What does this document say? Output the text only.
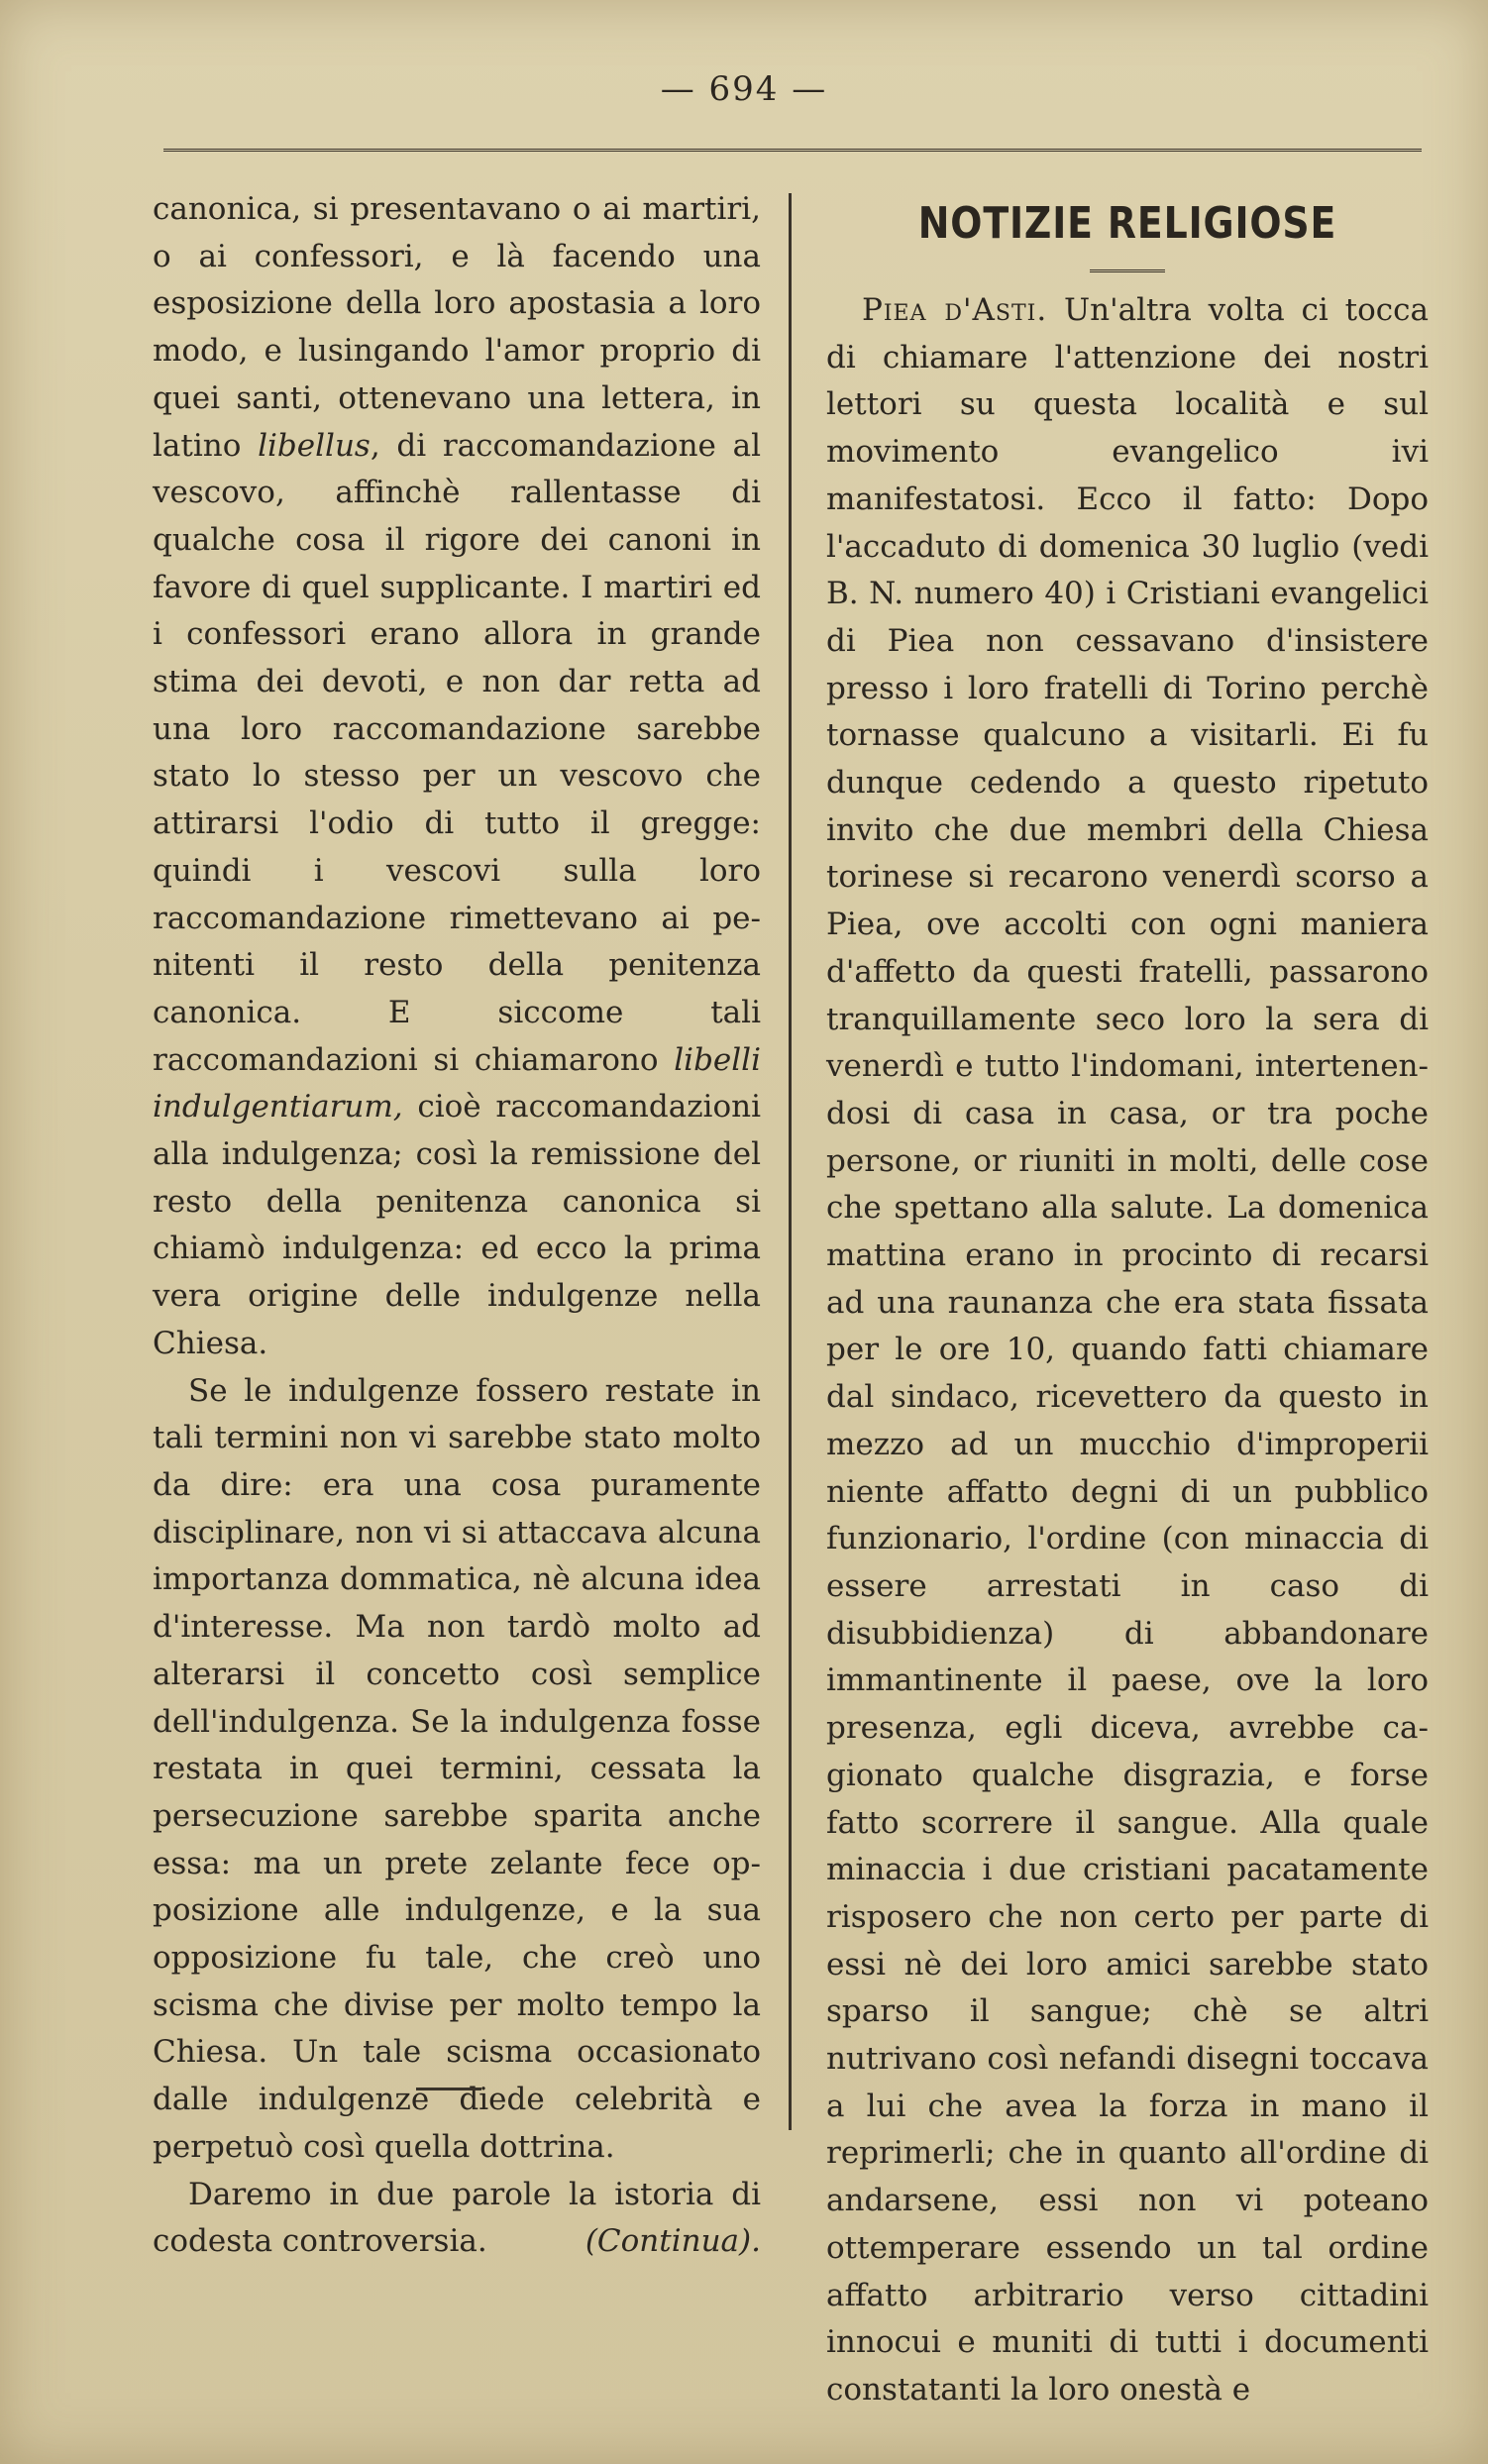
— 694 —

canonica, si presentavano o ai martiri, o ai confessori, e là facendo una esposizione della loro apostasia a loro modo, e lusingando l'amor proprio di quei santi, ottenevano una lettera, in latino libellus, di raccomandazione al vescovo, affinchè rallentasse di qualche cosa il rigore dei canoni in favore di quel supplicante. I martiri ed i confessori erano allora in grande stima dei devoti, e non dar retta ad una loro raccomandazione sarebbe stato lo stesso per un vescovo che attirarsi l'odio di tutto il gregge: quindi i vescovi sulla loro raccomandazione rimettevano ai penitenti il resto della penitenza canonica.	E siccome tali raccomandazioni si chiamarono libelli indulgentiarum, cioè raccomandazioni alla indulgenza; così la remissione del resto della penitenza canonica si chiamò indulgenza: ed ecco la prima vera origine delle indulgenze nella Chiesa.

Se le indulgenze fossero restate in tali termini non vi sarebbe stato molto da dire: era una cosa puramente disciplinare, non vi si attaccava alcuna importanza dommatica, nè alcuna idea d'interesse. Ma non tardò molto ad alterarsi il concetto così semplice dell'indulgenza. Se la indulgenza fosse restata in quei termini, cessata la persecuzione sarebbe sparita anche essa: ma un prete zelante fece opposizione alle indulgenze, e la sua opposizione fu tale, che creò uno scisma che divise per molto tempo la Chiesa. Un tale scisma occasionato dalle indulgenze diede celebrità e perpetuò così quella dottrina.

Daremo in due parole la istoria di codesta controversia.	(Continua).

NOTIZIE RELIGIOSE

Piea d'Asti. Un'altra volta ci tocca di chiamare l'attenzione dei nostri lettori su questa località e sul movimento evangelico ivi manifestatosi. Ecco il fatto: Dopo l'accaduto di domenica 30 luglio (vedi B. N. numero 40) i Cristiani evangelici di Piea non cessavano d'insistere presso i loro fratelli di Torino perchè tornasse qualcuno a visitarli. Ei fu dunque cedendo a questo ripetuto invito che due membri della Chiesa torinese si recarono venerdì scorso a Piea, ove accolti con ogni maniera d'affetto da questi fratelli, passarono tranquillamente seco loro la sera di venerdì e tutto l'indomani, intertenendosi di casa in casa, or tra poche persone, or riuniti in molti, delle cose che spettano alla salute. La domenica mattina erano in procinto di recarsi ad una raunanza che era stata fissata per le ore 10, quando fatti chiamare dal sindaco, ricevettero da questo in mezzo ad un mucchio d'improperii niente affatto degni di un pubblico funzionario, l'ordine (con minaccia di essere arrestati in caso di disubbidienza) di abbandonare immantinente il paese, ove la loro presenza, egli diceva, avrebbe cagionato qualche disgrazia, e forse fatto scorrere il sangue. Alla quale minaccia i due cristiani pacatamente risposero che non certo per parte di essi nè dei loro amici sarebbe stato sparso il sangue; chè se altri nutrivano così nefandi disegni toccava a lui che avea la forza in mano il reprimerli; che in quanto all'ordine di andarsene, essi non vi poteano ottemperare essendo un tal ordine affatto arbitrario verso cittadini innocui e muniti di tutti i documenti constatanti la loro onestà e
